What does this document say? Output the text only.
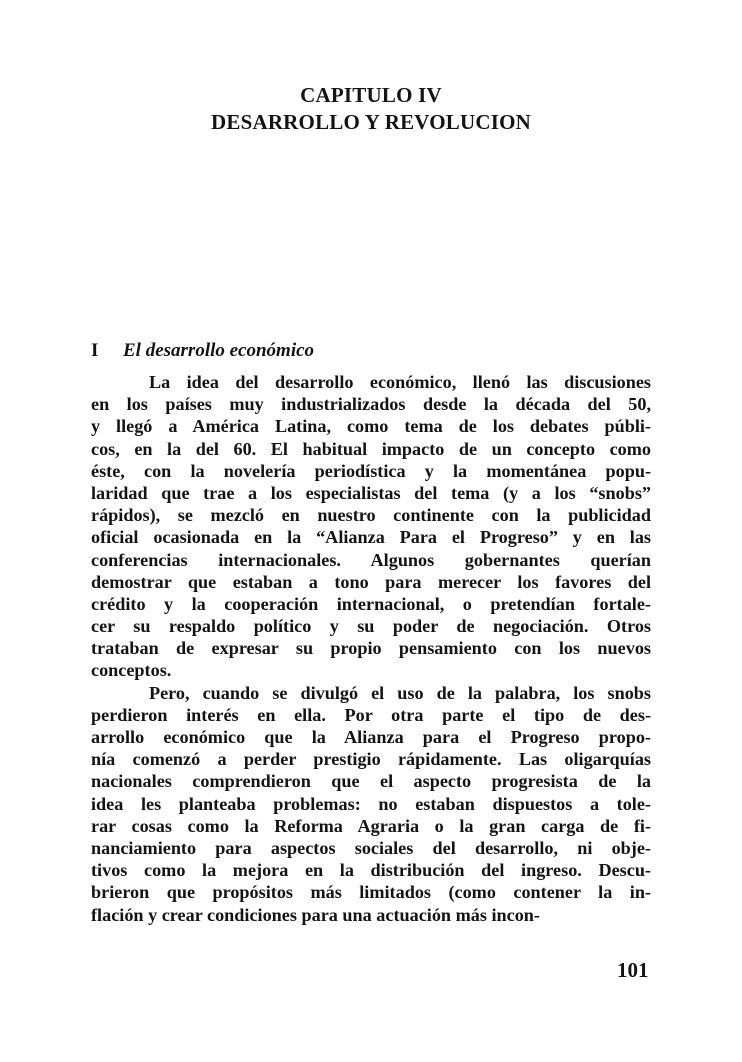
CAPITULO IV
DESARROLLO Y REVOLUCION
I El desarrollo económico
La idea del desarrollo económico, llenó las discusiones
en los países muy industrializados desde la década del 50,
y llegó a América Latina, como tema de los debates públi-
cos, en la del 60. El habitual impacto de un concepto como
éste, con la novelería periodística y la momentánea popu-
laridad que trae a los especialistas del tema (y a los “snobs”
rápidos), se mezcló en nuestro continente con la publicidad
oficial ocasionada en la “Alianza Para el Progreso” y en las
conferencias internacionales. Algunos gobernantes querían
demostrar que estaban a tono para merecer los favores del
crédito y la cooperación internacional, o pretendían fortale-
cer su respaldo político y su poder de negociación. Otros
trataban de expresar su propio pensamiento con los nuevos
conceptos.
Pero, cuando se divulgó el uso de la palabra, los snobs
perdieron interés en ella. Por otra parte el tipo de des-
arrollo económico que la Alianza para el Progreso propo-
nía comenzó a perder prestigio rápidamente. Las oligarquías
nacionales comprendieron que el aspecto progresista de la
idea les planteaba problemas: no estaban dispuestos a tole-
rar cosas como la Reforma Agraria o la gran carga de fi-
nanciamiento para aspectos sociales del desarrollo, ni obje-
tivos como la mejora en la distribución del ingreso. Descu-
brieron que propósitos más limitados (como contener la in-
flación y crear condiciones para una actuación más incon-
101
